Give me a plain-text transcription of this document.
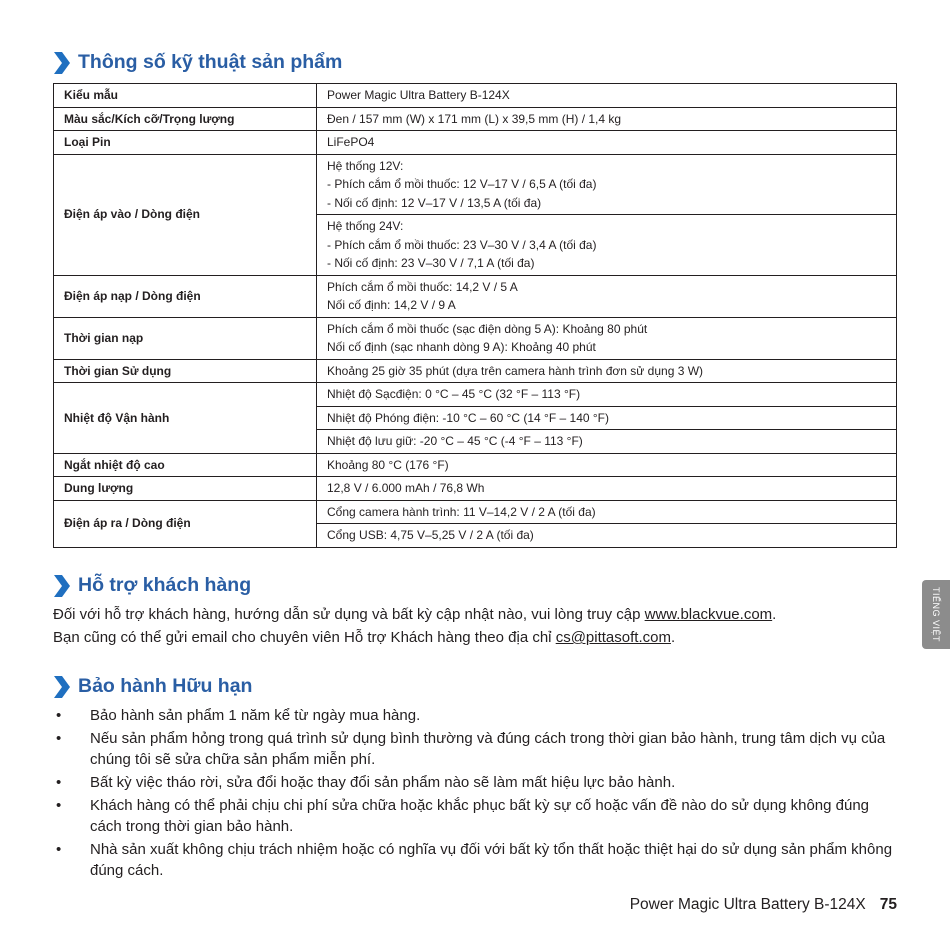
Thông số kỹ thuật sản phẩm
Kiểu mẫu	Power Magic Ultra Battery B-124X

Màu sắc/Kích cỡ/Trọng lượng	Đen / 157 mm (W) x 171 mm (L) x 39,5 mm (H) / 1,4 kg

Loại Pin	LiFePO4

Điện áp vào / Dòng điện	Hệ thống 12V:
- Phích cắm ổ mồi thuốc: 12 V–17 V / 6,5 A (tối đa)
- Nối cố định: 12 V–17 V / 13,5 A (tối đa)

	Hệ thống 24V:
- Phích cắm ổ mồi thuốc: 23 V–30 V / 3,4 A (tối đa)
- Nối cố định: 23 V–30 V / 7,1 A (tối đa)

Điện áp nạp / Dòng điện	Phích cắm ổ mồi thuốc: 14,2 V / 5 A
Nối cố định: 14,2 V / 9 A

Thời gian nạp	Phích cắm ổ mồi thuốc (sạc điện dòng 5 A): Khoảng 80 phút
Nối cố định (sạc nhanh dòng 9 A): Khoảng 40 phút

Thời gian Sử dụng	Khoảng 25 giờ 35 phút (dựa trên camera hành trình đơn sử dụng 3 W)

Nhiệt độ Vận hành	Nhiệt độ Sạcđiện: 0 °C – 45 °C (32 °F – 113 °F)

	Nhiệt độ Phóng điện: -10 °C – 60 °C (14 °F – 140 °F)

	Nhiệt độ lưu giữ: -20 °C – 45 °C (-4 °F – 113 °F)

Ngắt nhiệt độ cao	Khoảng 80 °C (176 °F)

Dung lượng	12,8 V / 6.000 mAh / 76,8 Wh

Điện áp ra / Dòng điện	Cổng camera hành trình: 11 V–14,2 V / 2 A (tối đa)

	Cổng USB: 4,75 V–5,25 V / 2 A (tối đa)
Hỗ trợ khách hàng
Đối với hỗ trợ khách hàng, hướng dẫn sử dụng và bất kỳ cập nhật nào, vui lòng truy cập www.blackvue.com.
Bạn cũng có thể gửi email cho chuyên viên Hỗ trợ Khách hàng theo địa chỉ cs@pittasoft.com.
Bảo hành Hữu hạn
• Bảo hành sản phẩm 1 năm kể từ ngày mua hàng.
• Nếu sản phẩm hỏng trong quá trình sử dụng bình thường và đúng cách trong thời gian bảo hành, trung tâm dịch vụ của chúng tôi sẽ sửa chữa sản phẩm miễn phí.
• Bất kỳ việc tháo rời, sửa đổi hoặc thay đổi sản phẩm nào sẽ làm mất hiệu lực bảo hành.
• Khách hàng có thể phải chịu chi phí sửa chữa hoặc khắc phục bất kỳ sự cố hoặc vấn đề nào do sử dụng không đúng cách trong thời gian bảo hành.
• Nhà sản xuất không chịu trách nhiệm hoặc có nghĩa vụ đối với bất kỳ tổn thất hoặc thiệt hại do sử dụng sản phẩm không đúng cách.
TIẾNG VIỆT
Power Magic Ultra Battery B-124X 75
